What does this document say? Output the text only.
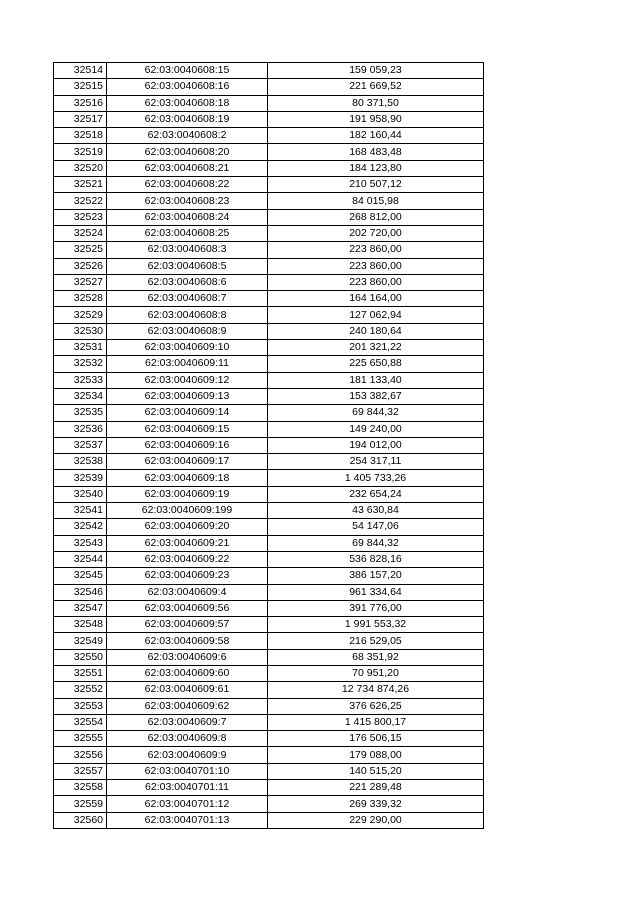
32514	62:03:0040608:15	159 059,23
32515	62:03:0040608:16	221 669,52
32516	62:03:0040608:18	80 371,50
32517	62:03:0040608:19	191 958,90
32518	62:03:0040608:2	182 160,44
32519	62:03:0040608:20	168 483,48
32520	62:03:0040608:21	184 123,80
32521	62:03:0040608:22	210 507,12
32522	62:03:0040608:23	84 015,98
32523	62:03:0040608:24	268 812,00
32524	62:03:0040608:25	202 720,00
32525	62:03:0040608:3	223 860,00
32526	62:03:0040608:5	223 860,00
32527	62:03:0040608:6	223 860,00
32528	62:03:0040608:7	164 164,00
32529	62:03:0040608:8	127 062,94
32530	62:03:0040608:9	240 180,64
32531	62:03:0040609:10	201 321,22
32532	62:03:0040609:11	225 650,88
32533	62:03:0040609:12	181 133,40
32534	62:03:0040609:13	153 382,67
32535	62:03:0040609:14	69 844,32
32536	62:03:0040609:15	149 240,00
32537	62:03:0040609:16	194 012,00
32538	62:03:0040609:17	254 317,11
32539	62:03:0040609:18	1 405 733,26
32540	62:03:0040609:19	232 654,24
32541	62:03:0040609:199	43 630,84
32542	62:03:0040609:20	54 147,06
32543	62:03:0040609:21	69 844,32
32544	62:03:0040609:22	536 828,16
32545	62:03:0040609:23	386 157,20
32546	62:03:0040609:4	961 334,64
32547	62:03:0040609:56	391 776,00
32548	62:03:0040609:57	1 991 553,32
32549	62:03:0040609:58	216 529,05
32550	62:03:0040609:6	68 351,92
32551	62:03:0040609:60	70 951,20
32552	62:03:0040609:61	12 734 874,26
32553	62:03:0040609:62	376 626,25
32554	62:03:0040609:7	1 415 800,17
32555	62:03:0040609:8	176 506,15
32556	62:03:0040609:9	179 088,00
32557	62:03:0040701:10	140 515,20
32558	62:03:0040701:11	221 289,48
32559	62:03:0040701:12	269 339,32
32560	62:03:0040701:13	229 290,00
